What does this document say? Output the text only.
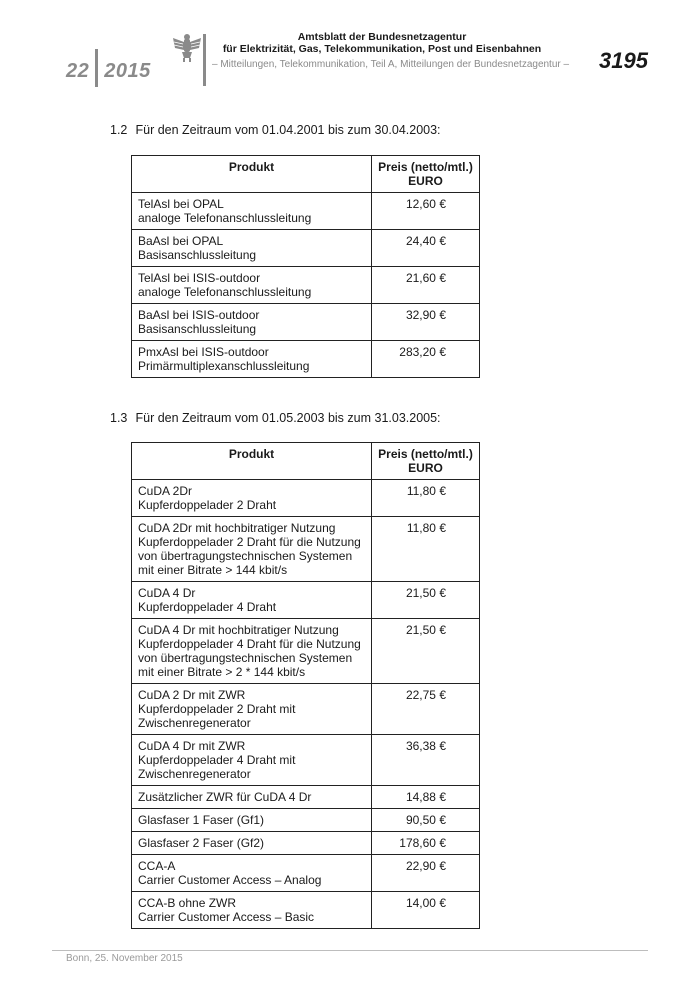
22 2015
Amtsblatt der Bundesnetzagentur
für Elektrizität, Gas, Telekommunikation, Post und Eisenbahnen
– Mitteilungen, Telekommunikation, Teil A, Mitteilungen der Bundesnetzagentur – 3195
1.2 Für den Zeitraum vom 01.04.2001 bis zum 30.04.2003:
Produkt	Preis (netto/mtl.)
EURO
TelAsl bei OPAL
analoge Telefonanschlussleitung	12,60 €
BaAsl bei OPAL
Basisanschlussleitung	24,40 €
TelAsl bei ISIS-outdoor
analoge Telefonanschlussleitung	21,60 €
BaAsl bei ISIS-outdoor
Basisanschlussleitung	32,90 €
PmxAsl bei ISIS-outdoor
Primärmultiplexanschlussleitung	283,20 €
1.3 Für den Zeitraum vom 01.05.2003 bis zum 31.03.2005:
Produkt	Preis (netto/mtl.)
EURO
CuDA 2Dr
Kupferdoppelader 2 Draht	11,80 €
CuDA 2Dr mit hochbitratiger Nutzung
Kupferdoppelader 2 Draht für die Nutzung
von übertragungstechnischen Systemen
mit einer Bitrate > 144 kbit/s	11,80 €
CuDA 4 Dr
Kupferdoppelader 4 Draht	21,50 €
CuDA 4 Dr mit hochbitratiger Nutzung
Kupferdoppelader 4 Draht für die Nutzung
von übertragungstechnischen Systemen
mit einer Bitrate > 2 * 144 kbit/s	21,50 €
CuDA 2 Dr mit ZWR
Kupferdoppelader 2 Draht mit
Zwischenregenerator	22,75 €
CuDA 4 Dr mit ZWR
Kupferdoppelader 4 Draht mit
Zwischenregenerator	36,38 €
Zusätzlicher ZWR für CuDA 4 Dr	14,88 €
Glasfaser 1 Faser (Gf1)	90,50 €
Glasfaser 2 Faser (Gf2)	178,60 €
CCA-A
Carrier Customer Access – Analog	22,90 €
CCA-B ohne ZWR
Carrier Customer Access – Basic	14,00 €
Bonn, 25. November 2015
